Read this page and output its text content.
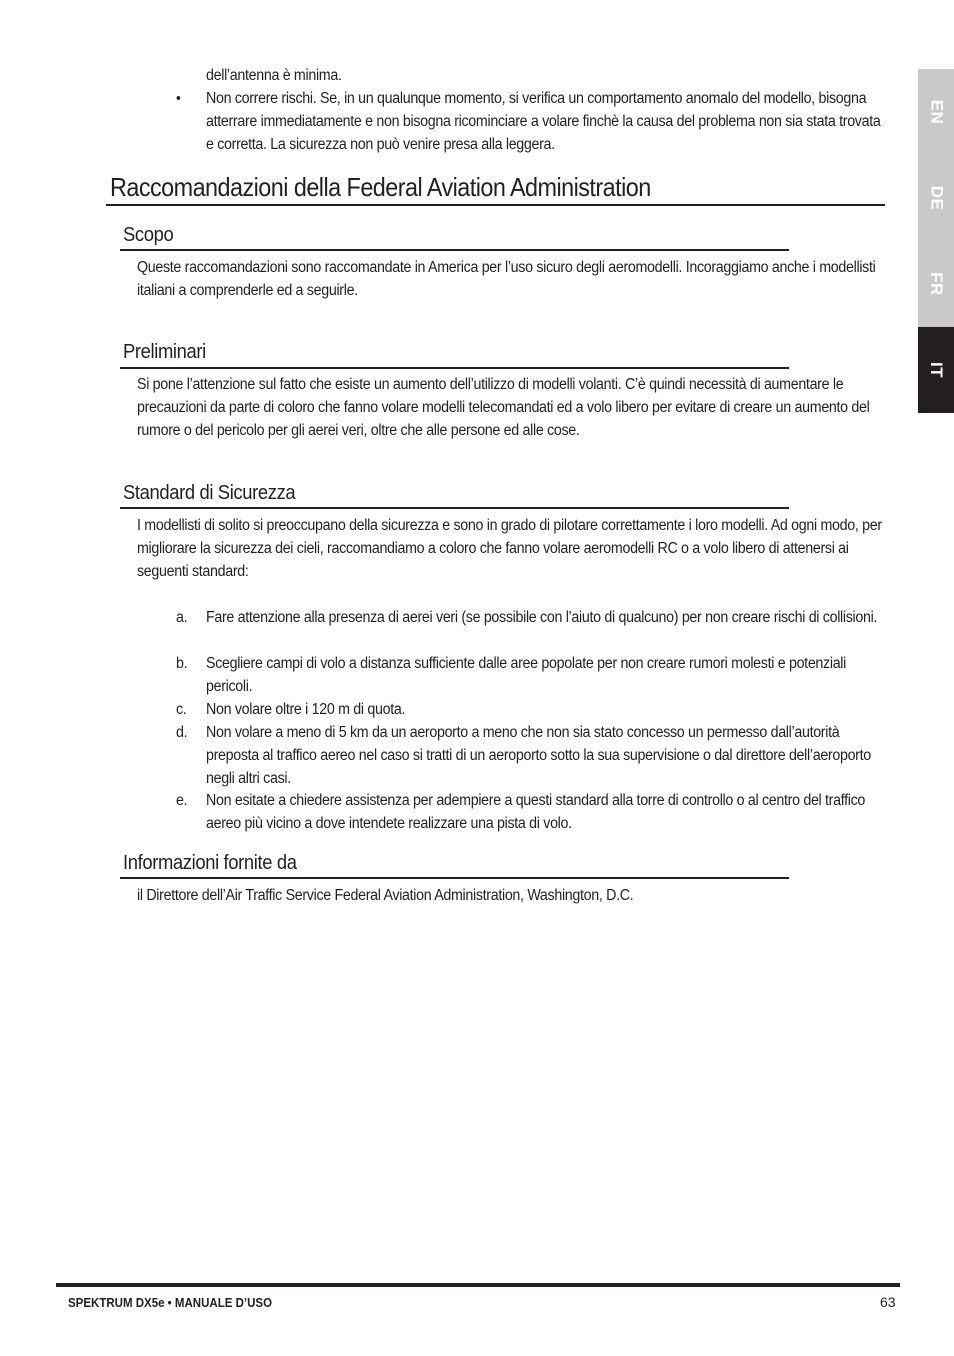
dell’antenna è minima.
• Non correre rischi. Se, in un qualunque momento, si verifica un comportamento anomalo del modello, bisogna atterrare immediatamente e non bisogna ricominciare a volare finchè la causa del problema non sia stata trovata e corretta. La sicurezza non può venire presa alla leggera.
Raccomandazioni della Federal Aviation Administration
Scopo
Queste raccomandazioni sono raccomandate in America per l’uso sicuro degli aeromodelli. Incoraggiamo anche i modellisti italiani a comprenderle ed a seguirle.
Preliminari
Si pone l’attenzione sul fatto che esiste un aumento dell’utilizzo di modelli volanti. C’è quindi necessità di aumentare le precauzioni da parte di coloro che fanno volare modelli telecomandati ed a volo libero per evitare di creare un aumento del rumore o del pericolo per gli aerei veri, oltre che alle persone ed alle cose.
Standard di Sicurezza
I modellisti di solito si preoccupano della sicurezza e sono in grado di pilotare correttamente i loro modelli. Ad ogni modo, per migliorare la sicurezza dei cieli, raccomandiamo a coloro che fanno volare aeromodelli RC o a volo libero di attenersi ai seguenti standard:
a. Fare attenzione alla presenza di aerei veri (se possibile con l’aiuto di qualcuno) per non creare rischi di collisioni.
b. Scegliere campi di volo a distanza sufficiente dalle aree popolate per non creare rumori molesti e potenziali pericoli.
c. Non volare oltre i 120 m di quota.
d. Non volare a meno di 5 km da un aeroporto a meno che non sia stato concesso un permesso dall’autorità preposta al traffico aereo nel caso si tratti di un aeroporto sotto la sua supervisione o dal direttore dell’aeroporto negli altri casi.
e. Non esitate a chiedere assistenza per adempiere a questi standard alla torre di controllo o al centro del traffico aereo più vicino a dove intendete realizzare una pista di volo.
Informazioni fornite da
il Direttore dell’Air Traffic Service Federal Aviation Administration, Washington, D.C.
EN
DE
FR
IT
SPEKTRUM DX5e • MANUALE D’USO	63
